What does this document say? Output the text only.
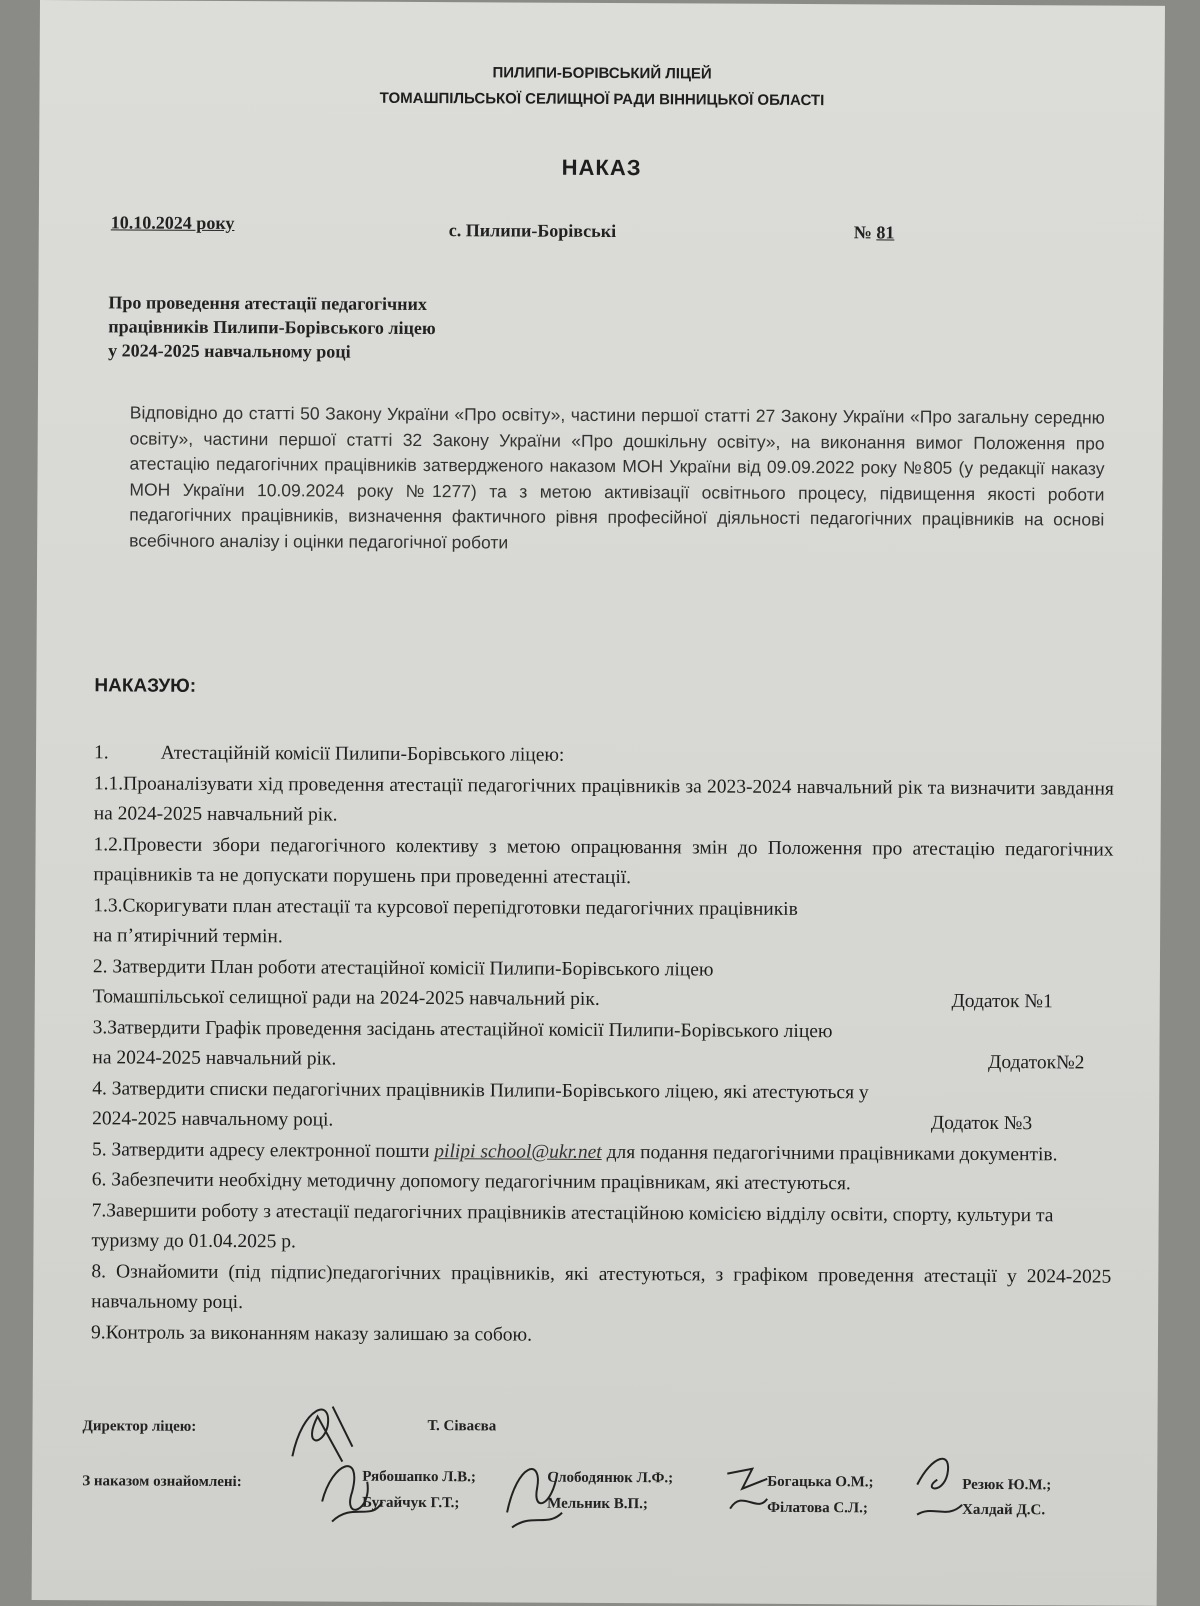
ПИЛИПИ-БОРІВСЬКИЙ ЛІЦЕЙ
ТОМАШПІЛЬСЬКОЇ СЕЛИЩНОЇ РАДИ ВІННИЦЬКОЇ ОБЛАСТІ
НАКАЗ
10.10.2024 року	с. Пилипи-Борівські	№ 81
Про проведення атестації педагогічних
працівників Пилипи-Борівського ліцею
у 2024-2025 навчальному році
Відповідно до статті 50 Закону України «Про освіту», частини першої статті 27 Закону України «Про загальну середню освіту», частини першої статті 32 Закону України «Про дошкільну освіту», на виконання вимог Положення про атестацію педагогічних працівників затвердженого наказом МОН України від 09.09.2022 року №805 (у редакції наказу МОН України 10.09.2024 року №1277) та з метою активізації освітнього процесу, підвищення якості роботи педагогічних працівників, визначення фактичного рівня професійної діяльності педагогічних працівників на основі всебічного аналізу і оцінки педагогічної роботи
НАКАЗУЮ:

1.	Атестаційній комісії Пилипи-Борівського ліцею:

1.1.Проаналізувати хід проведення атестації педагогічних працівників за 2023-2024 навчальний рік та визначити завдання на 2024-2025 навчальний рік.

1.2.Провести збори педагогічного колективу з метою опрацювання змін до Положення про атестацію педагогічних працівників та не допускати порушень при проведенні атестації.

1.3.Скоригувати план атестації та курсової перепідготовки педагогічних працівників

на п’ятирічний термін.

2. Затвердити План роботи атестаційної комісії Пилипи-Борівського ліцею

Томашпільської селищної ради на 2024-2025 навчальний рік.	Додаток №1

3.Затвердити Графік проведення засідань атестаційної комісії Пилипи-Борівського ліцею

на 2024-2025 навчальний рік.	Додаток№2

4. Затвердити списки педагогічних працівників Пилипи-Борівського ліцею, які атестуються у

2024-2025 навчальному році.	Додаток №3

5. Затвердити адресу електронної пошти pilipi school@ukr.net для подання педагогічними працівниками документів.

6. Забезпечити необхідну методичну допомогу педагогічним працівникам, які атестуються.

7.Завершити роботу з атестації педагогічних працівників атестаційною комісією відділу освіти, спорту, культури та туризму до 01.04.2025 р.

8. Ознайомити (під підпис)педагогічних працівників, які атестуються, з графіком проведення атестації у 2024-2025 навчальному році.

9.Контроль за виконанням наказу залишаю за собою.

Директор ліцею:	Т. Сіваєва
З наказом ознайомлені:	Рябошапко Л.В.;	Слободянюк Л.Ф.;	Богацька О.М.;	Резюк Ю.М.;
Бугайчук Г.Т.;	Мельник В.П.;	Філатова С.Л.;	Халдай Д.С.
